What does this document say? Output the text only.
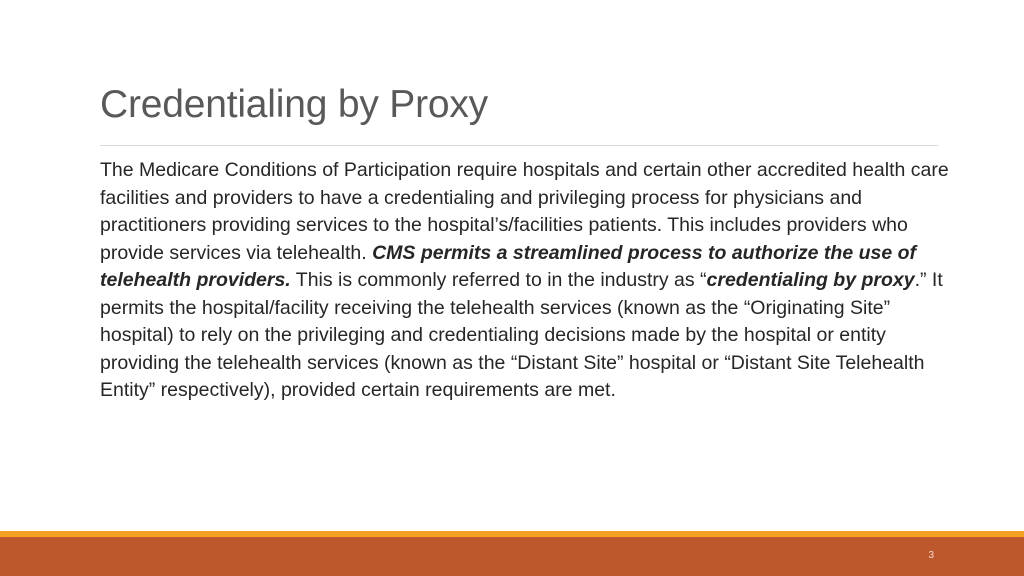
Credentialing by Proxy

The Medicare Conditions of Participation require hospitals and certain other accredited health care facilities and providers to have a credentialing and privileging process for physicians and practitioners providing services to the hospital’s/facilities patients. This includes providers who provide services via telehealth. CMS permits a streamlined process to authorize the use of telehealth providers. This is commonly referred to in the industry as “credentialing by proxy.” It permits the hospital/facility receiving the telehealth services (known as the “Originating Site” hospital) to rely on the privileging and credentialing decisions made by the hospital or entity providing the telehealth services (known as the “Distant Site” hospital or “Distant Site Telehealth Entity” respectively), provided certain requirements are met.

3
